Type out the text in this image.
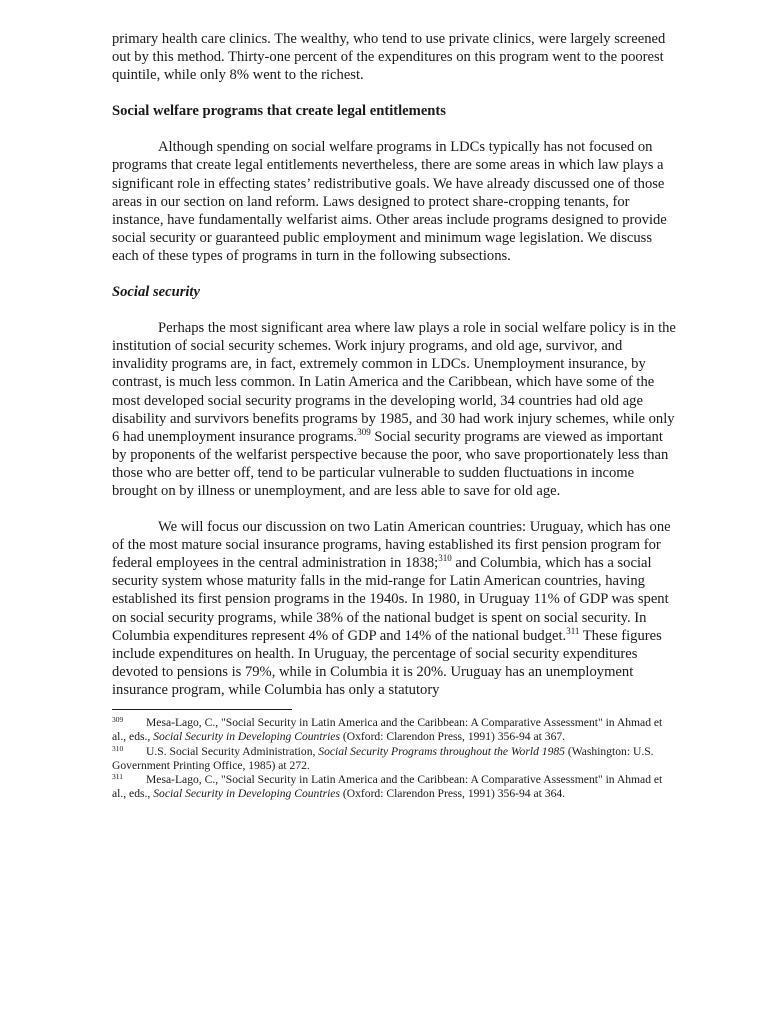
primary health care clinics. The wealthy, who tend to use private clinics, were largely screened out by this method. Thirty-one percent of the expenditures on this program went to the poorest quintile, while only 8% went to the richest.

Social welfare programs that create legal entitlements

Although spending on social welfare programs in LDCs typically has not focused on programs that create legal entitlements nevertheless, there are some areas in which law plays a significant role in effecting states’ redistributive goals. We have already discussed one of those areas in our section on land reform. Laws designed to protect share-cropping tenants, for instance, have fundamentally welfarist aims. Other areas include programs designed to provide social security or guaranteed public employment and minimum wage legislation. We discuss each of these types of programs in turn in the following subsections.

Social security

Perhaps the most significant area where law plays a role in social welfare policy is in the institution of social security schemes. Work injury programs, and old age, survivor, and invalidity programs are, in fact, extremely common in LDCs. Unemployment insurance, by contrast, is much less common. In Latin America and the Caribbean, which have some of the most developed social security programs in the developing world, 34 countries had old age disability and survivors benefits programs by 1985, and 30 had work injury schemes, while only 6 had unemployment insurance programs.$^{309}$ Social security programs are viewed as important by proponents of the welfarist perspective because the poor, who save proportionately less than those who are better off, tend to be particular vulnerable to sudden fluctuations in income brought on by illness or unemployment, and are less able to save for old age.

We will focus our discussion on two Latin American countries: Uruguay, which has one of the most mature social insurance programs, having established its first pension program for federal employees in the central administration in 1838;$^{310}$ and Columbia, which has a social security system whose maturity falls in the mid-range for Latin American countries, having established its first pension programs in the 1940s. In 1980, in Uruguay 11% of GDP was spent on social security programs, while 38% of the national budget is spent on social security. In Columbia expenditures represent 4% of GDP and 14% of the national budget.$^{311}$ These figures include expenditures on health. In Uruguay, the percentage of social security expenditures devoted to pensions is 79%, while in Columbia it is 20%. Uruguay has an unemployment insurance program, while Columbia has only a statutory

309 Mesa-Lago, C., "Social Security in Latin America and the Caribbean: A Comparative Assessment" in Ahmad et al., eds., Social Security in Developing Countries (Oxford: Clarendon Press, 1991) 356-94 at 367.

310 U.S. Social Security Administration, Social Security Programs throughout the World 1985 (Washington: U.S. Government Printing Office, 1985) at 272.

311 Mesa-Lago, C., "Social Security in Latin America and the Caribbean: A Comparative Assessment" in Ahmad et al., eds., Social Security in Developing Countries (Oxford: Clarendon Press, 1991) 356-94 at 364.
